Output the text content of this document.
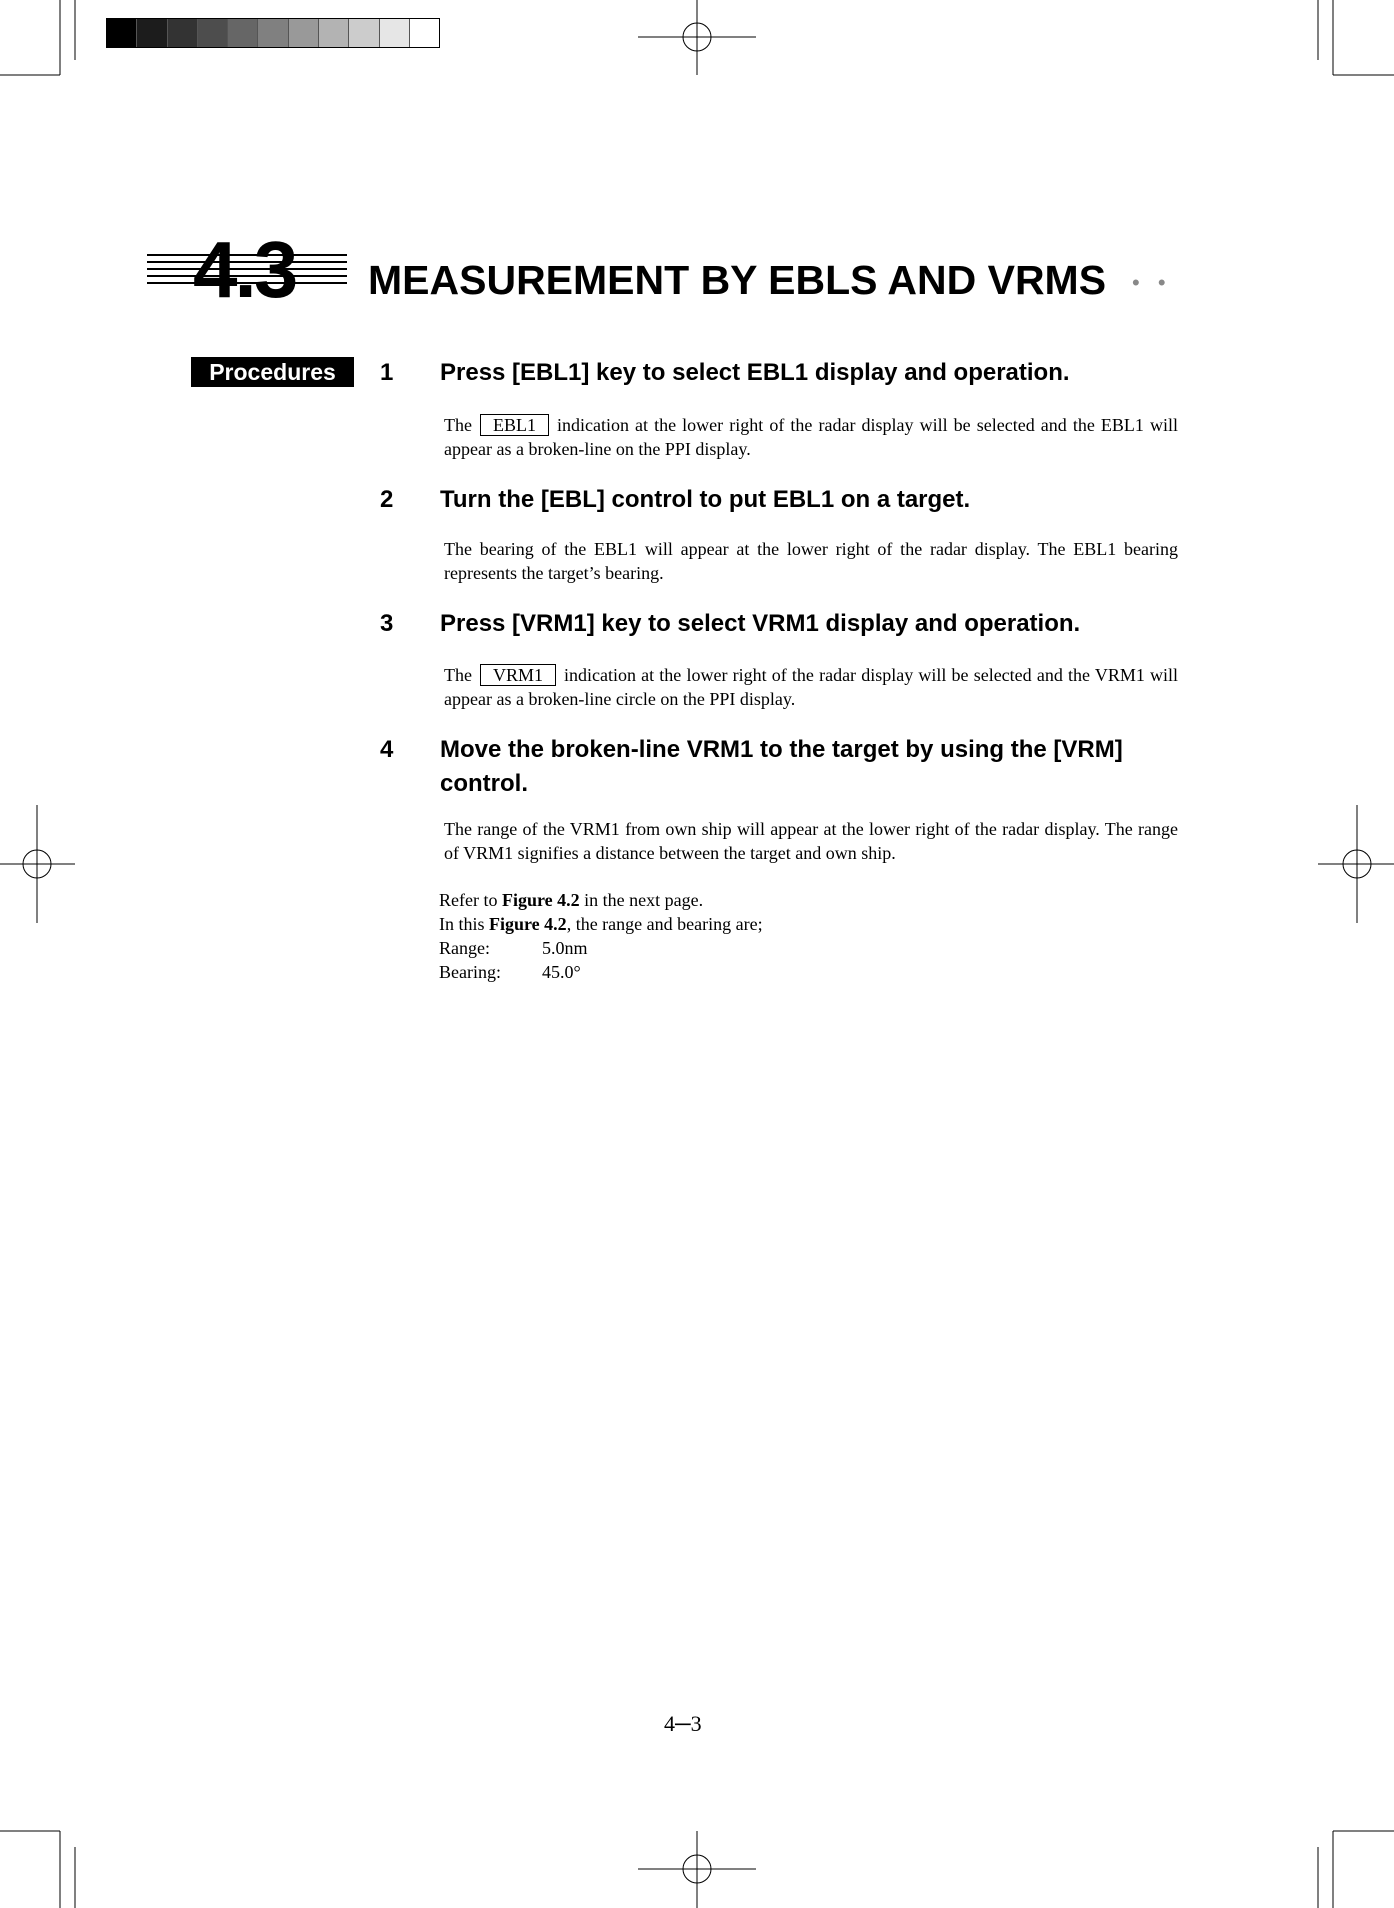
4.3 MEASUREMENT BY EBLS AND VRMS • •
Procedures	1 Press [EBL1] key to select EBL1 display and operation.
The EBL1 indication at the lower right of the radar display will be selected and the EBL1 will appear as a broken-line on the PPI display.
2 Turn the [EBL] control to put EBL1 on a target.
The bearing of the EBL1 will appear at the lower right of the radar display. The EBL1 bearing represents the target’s bearing.
3 Press [VRM1] key to select VRM1 display and operation.
The VRM1 indication at the lower right of the radar display will be selected and the VRM1 will appear as a broken-line circle on the PPI display.
4 Move the broken-line VRM1 to the target by using the [VRM]
control.
The range of the VRM1 from own ship will appear at the lower right of the radar display. The range of VRM1 signifies a distance between the target and own ship.
Refer to Figure 4.2 in the next page.
In this Figure 4.2, the range and bearing are;
Range:	5.0nm
Bearing: 45.0°
4─3
